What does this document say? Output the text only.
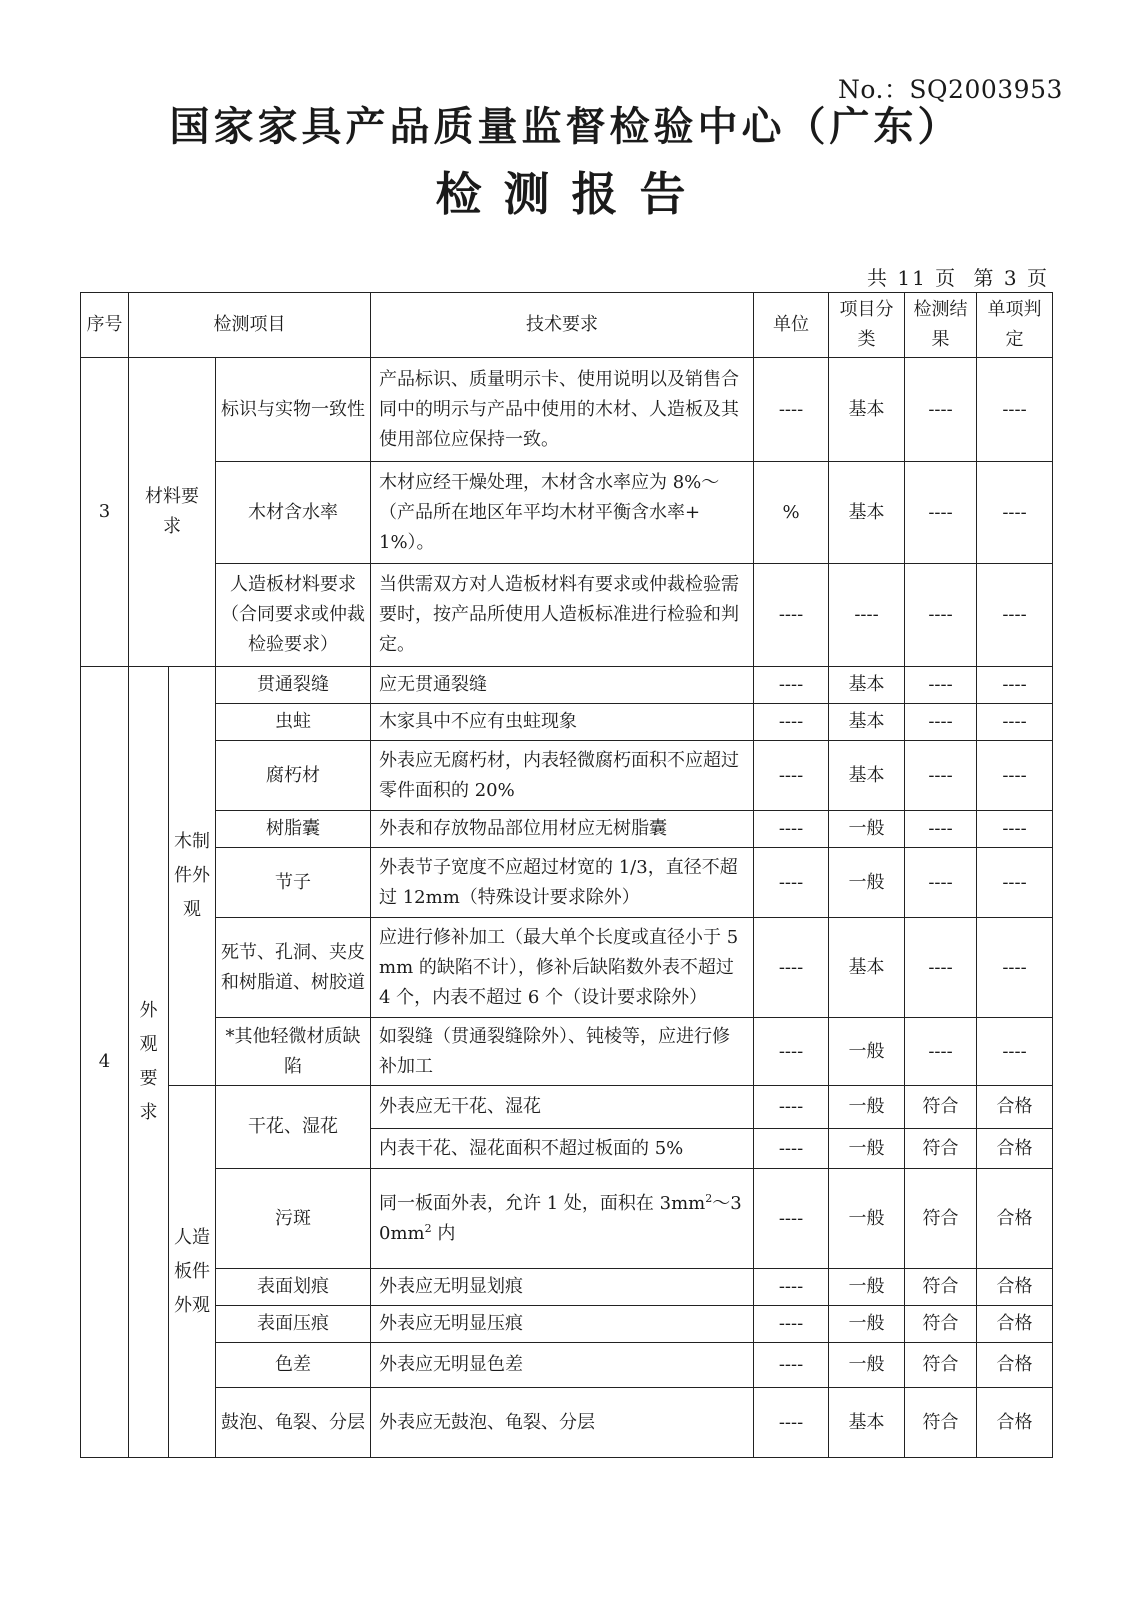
No.：SQ2003953
国家家具产品质量监督检验中心（广东）
检测报告
共 11 页 第 3 页
序号	检测项目			技术要求	单位	项目分类	检测结果	单项判定
3	材料要求		标识与实物一致性	产品标识、质量明示卡、使用说明以及销售合同中的明示与产品中使用的木材、人造板及其使用部位应保持一致。	----	基本	----	----
			木材含水率	木材应经干燥处理，木材含水率应为 8%～（产品所在地区年平均木材平衡含水率+1%）。	%	基本	----	----
			人造板材料要求（合同要求或仲裁检验要求）	当供需双方对人造板材料有要求或仲裁检验需要时，按产品所使用人造板标准进行检验和判定。	----	----	----	----
4	外观要求	木制件外观	贯通裂缝	应无贯通裂缝	----	基本	----	----
			虫蛀	木家具中不应有虫蛀现象	----	基本	----	----
			腐朽材	外表应无腐朽材，内表轻微腐朽面积不应超过零件面积的 20%	----	基本	----	----
			树脂囊	外表和存放物品部位用材应无树脂囊	----	一般	----	----
			节子	外表节子宽度不应超过材宽的 1/3，直径不超过 12mm（特殊设计要求除外）	----	一般	----	----
			死节、孔洞、夹皮和树脂道、树胶道	应进行修补加工（最大单个长度或直径小于 5mm 的缺陷不计），修补后缺陷数外表不超过 4 个，内表不超过 6 个（设计要求除外）	----	基本	----	----
			*其他轻微材质缺陷	如裂缝（贯通裂缝除外）、钝棱等，应进行修补加工	----	一般	----	----
		人造板件外观	干花、湿花	外表应无干花、湿花	----	一般	符合	合格
				内表干花、湿花面积不超过板面的 5%	----	一般	符合	合格
			污斑	同一板面外表，允许 1 处，面积在 $3mm^2\sim 30mm^2$ 内	----	一般	符合	合格
			表面划痕	外表应无明显划痕	----	一般	符合	合格
			表面压痕	外表应无明显压痕	----	一般	符合	合格
			色差	外表应无明显色差	----	一般	符合	合格
			鼓泡、龟裂、分层	外表应无鼓泡、龟裂、分层	----	基本	符合	合格
